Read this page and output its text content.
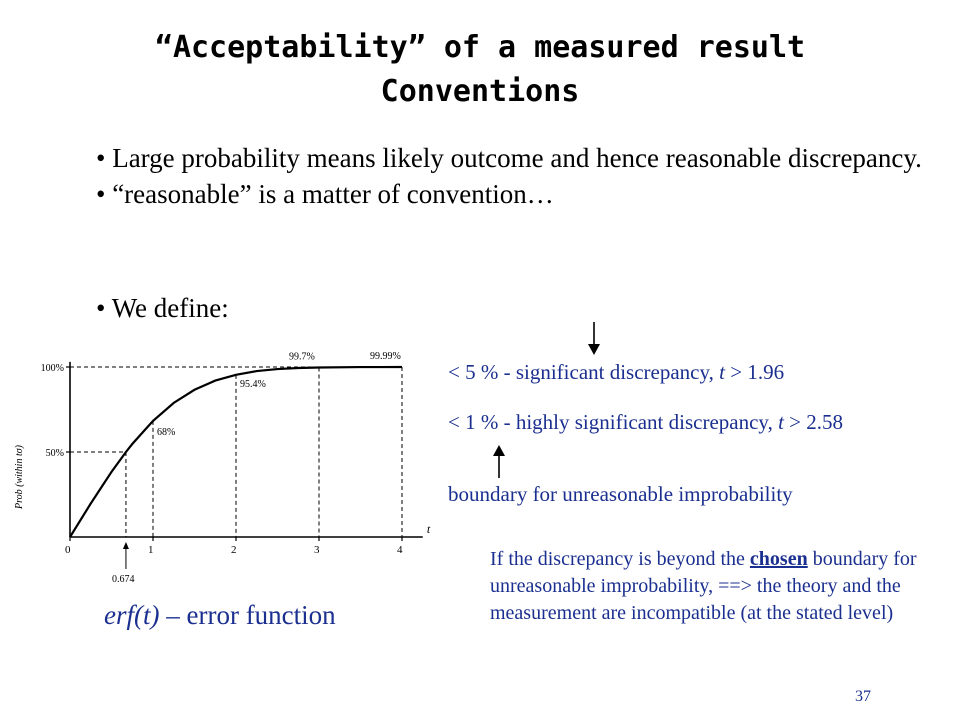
“Acceptability” of a measured result
Conventions

• Large probability means likely outcome and hence reasonable discrepancy.

• “reasonable” is a matter of convention…

• We define:
t
Prob (within tσ) 50%
100%
0	1	2	3	4
0.674
68%
95.4%
99.7%	99.99%
< 5 % - significant discrepancy, t > 1.96
< 1 % - highly significant discrepancy, t > 2.58
boundary for unreasonable improbability
If the discrepancy is beyond the chosen boundary for unreasonable improbability, ==> the theory and the measurement are incompatible (at the stated level)
erf(t) – error function
37
